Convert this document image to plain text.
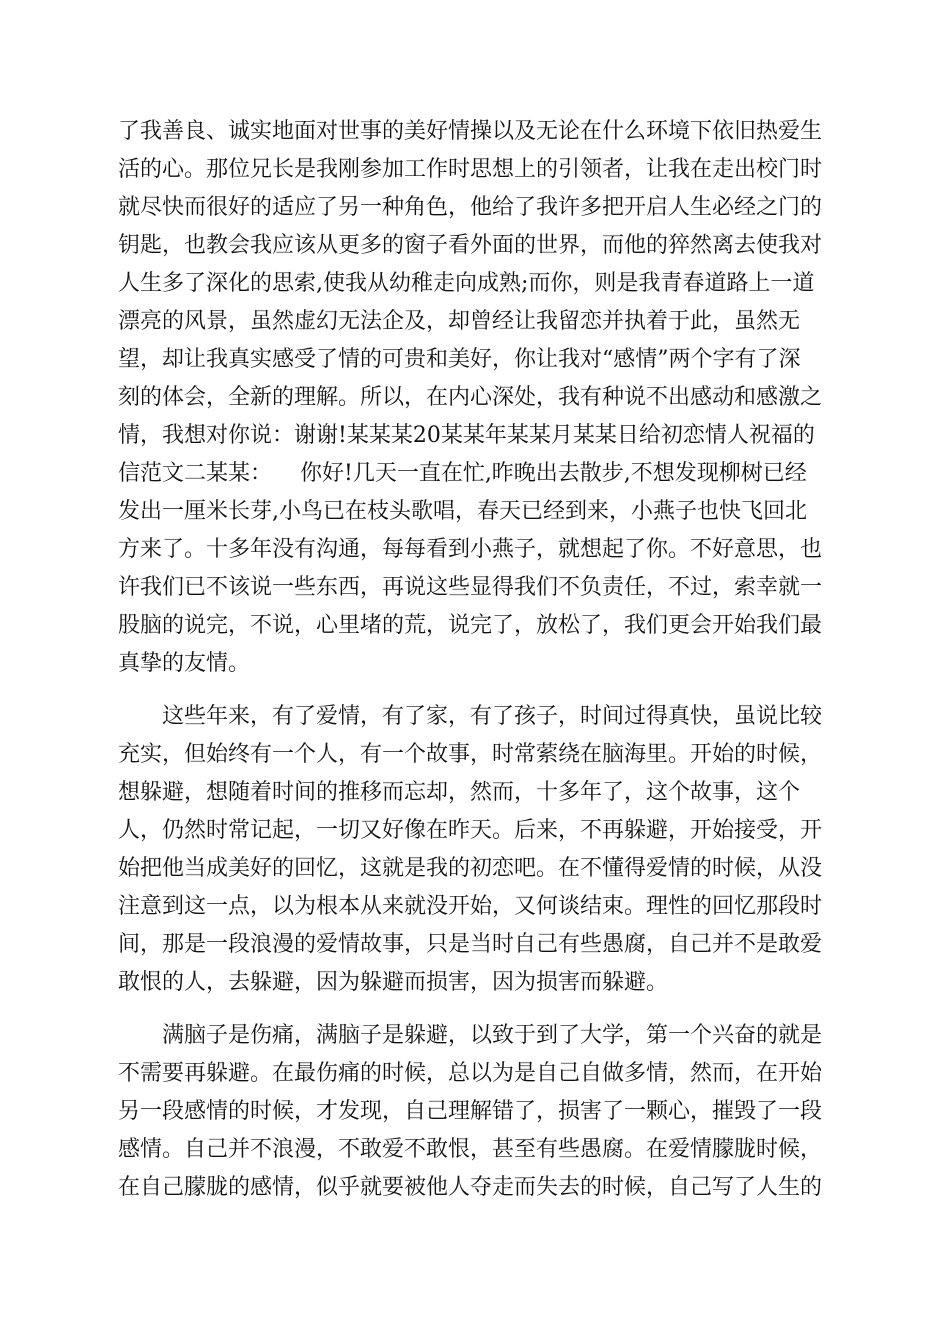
了我善良、诚实地面对世事的美好情操以及无论在什么环境下依旧热爱生
活的心。那位兄长是我刚参加工作时思想上的引领者，让我在走出校门时
就尽快而很好的适应了另一种角色，他给了我许多把开启人生必经之门的
钥匙，也教会我应该从更多的窗子看外面的世界，而他的猝然离去使我对
人生多了深化的思索,使我从幼稚走向成熟;而你，则是我青春道路上一道
漂亮的风景，虽然虚幻无法企及，却曾经让我留恋并执着于此，虽然无
望，却让我真实感受了情的可贵和美好，你让我对“感情”两个字有了深
刻的体会，全新的理解。所以，在内心深处，我有种说不出感动和感激之
情，我想对你说：谢谢!某某某20某某年某某月某某日给初恋情人祝福的
信范文二某某：    你好!几天一直在忙,昨晚出去散步,不想发现柳树已经
发出一厘米长芽,小鸟已在枝头歌唱，春天已经到来，小燕子也快飞回北
方来了。十多年没有沟通，每每看到小燕子，就想起了你。不好意思，也
许我们已不该说一些东西，再说这些显得我们不负责任，不过，索幸就一
股脑的说完，不说，心里堵的荒，说完了，放松了，我们更会开始我们最
真挚的友情。
这些年来，有了爱情，有了家，有了孩子，时间过得真快，虽说比较
充实，但始终有一个人，有一个故事，时常萦绕在脑海里。开始的时候，
想躲避，想随着时间的推移而忘却，然而，十多年了，这个故事，这个
人，仍然时常记起，一切又好像在昨天。后来，不再躲避，开始接受，开
始把他当成美好的回忆，这就是我的初恋吧。在不懂得爱情的时候，从没
注意到这一点，以为根本从来就没开始，又何谈结束。理性的回忆那段时
间，那是一段浪漫的爱情故事，只是当时自己有些愚腐，自己并不是敢爱
敢恨的人，去躲避，因为躲避而损害，因为损害而躲避。
满脑子是伤痛，满脑子是躲避，以致于到了大学，第一个兴奋的就是
不需要再躲避。在最伤痛的时候，总以为是自己自做多情，然而，在开始
另一段感情的时候，才发现，自己理解错了，损害了一颗心，摧毁了一段
感情。自己并不浪漫，不敢爱不敢恨，甚至有些愚腐。在爱情朦胧时候，
在自己朦胧的感情，似乎就要被他人夺走而失去的时候，自己写了人生的
